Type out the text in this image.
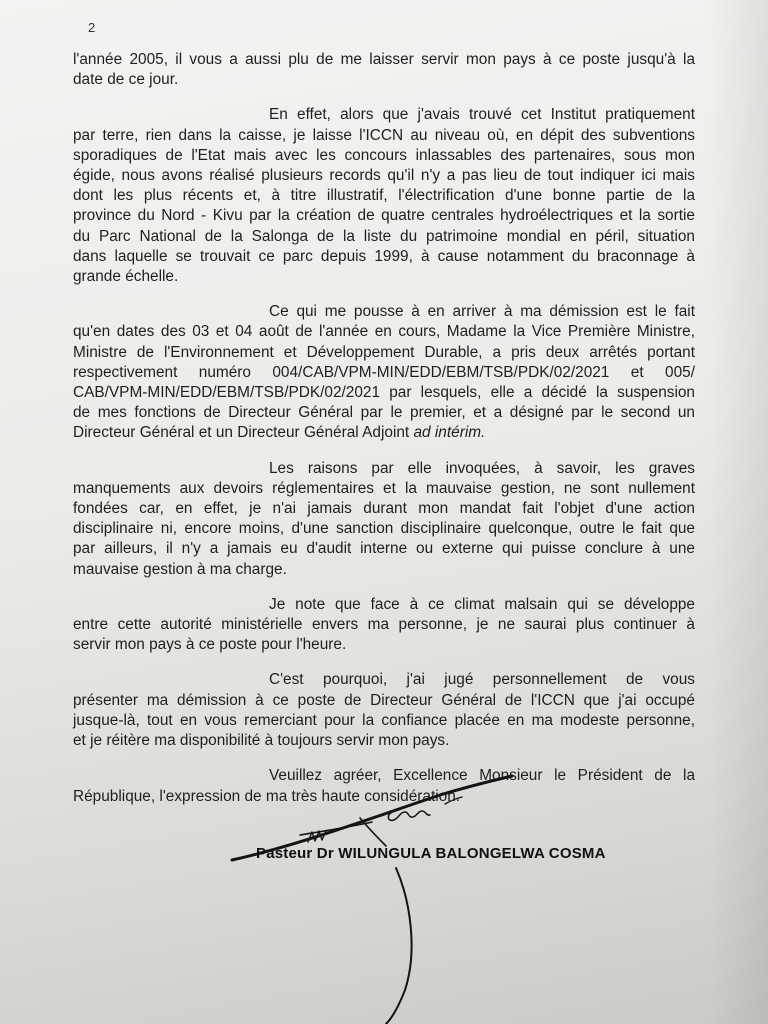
2

l'année 2005, il vous a aussi plu de me laisser servir mon pays à ce poste jusqu'à la
date de ce jour.

En effet, alors que j'avais trouvé cet Institut pratiquement
par terre, rien dans la caisse, je laisse l'ICCN au niveau où, en dépit des subventions
sporadiques de l'Etat mais avec les concours inlassables des partenaires, sous mon
égide, nous avons réalisé plusieurs records qu'il n'y a pas lieu de tout indiquer ici mais
dont les plus récents et, à titre illustratif, l'électrification d'une bonne partie de la
province du Nord - Kivu par la création de quatre centrales hydroélectriques et la sortie
du Parc National de la Salonga de la liste du patrimoine mondial en péril, situation
dans laquelle se trouvait ce parc depuis 1999, à cause notamment du braconnage à
grande échelle.

Ce qui me pousse à en arriver à ma démission est le fait
qu'en dates des 03 et 04 août de l'année en cours, Madame la Vice Première Ministre,
Ministre de l'Environnement et Développement Durable, a pris deux arrêtés portant
respectivement numéro 004/CAB/VPM-MIN/EDD/EBM/TSB/PDK/02/2021 et 005/
CAB/VPM-MIN/EDD/EBM/TSB/PDK/02/2021 par lesquels, elle a décidé la suspension
de mes fonctions de Directeur Général par le premier, et a désigné par le second un
Directeur Général et un Directeur Général Adjoint ad intérim.

Les raisons par elle invoquées, à savoir, les graves
manquements aux devoirs réglementaires et la mauvaise gestion, ne sont nullement
fondées car, en effet, je n'ai jamais durant mon mandat fait l'objet d'une action
disciplinaire ni, encore moins, d'une sanction disciplinaire quelconque, outre le fait que
par ailleurs, il n'y a jamais eu d'audit interne ou externe qui puisse conclure à une
mauvaise gestion à ma charge.

Je note que face à ce climat malsain qui se développe
entre cette autorité ministérielle envers ma personne, je ne saurai plus continuer à
servir mon pays à ce poste pour l'heure.

C'est pourquoi, j'ai jugé personnellement de vous
présenter ma démission à ce poste de Directeur Général de l'ICCN que j'ai occupé
jusque-là, tout en vous remerciant pour la confiance placée en ma modeste personne,
et je réitère ma disponibilité à toujours servir mon pays.

Veuillez agréer, Excellence Monsieur le Président de la
République, l'expression de ma très haute considération.

Pasteur Dr WILUNGULA BALONGELWA COSMA
